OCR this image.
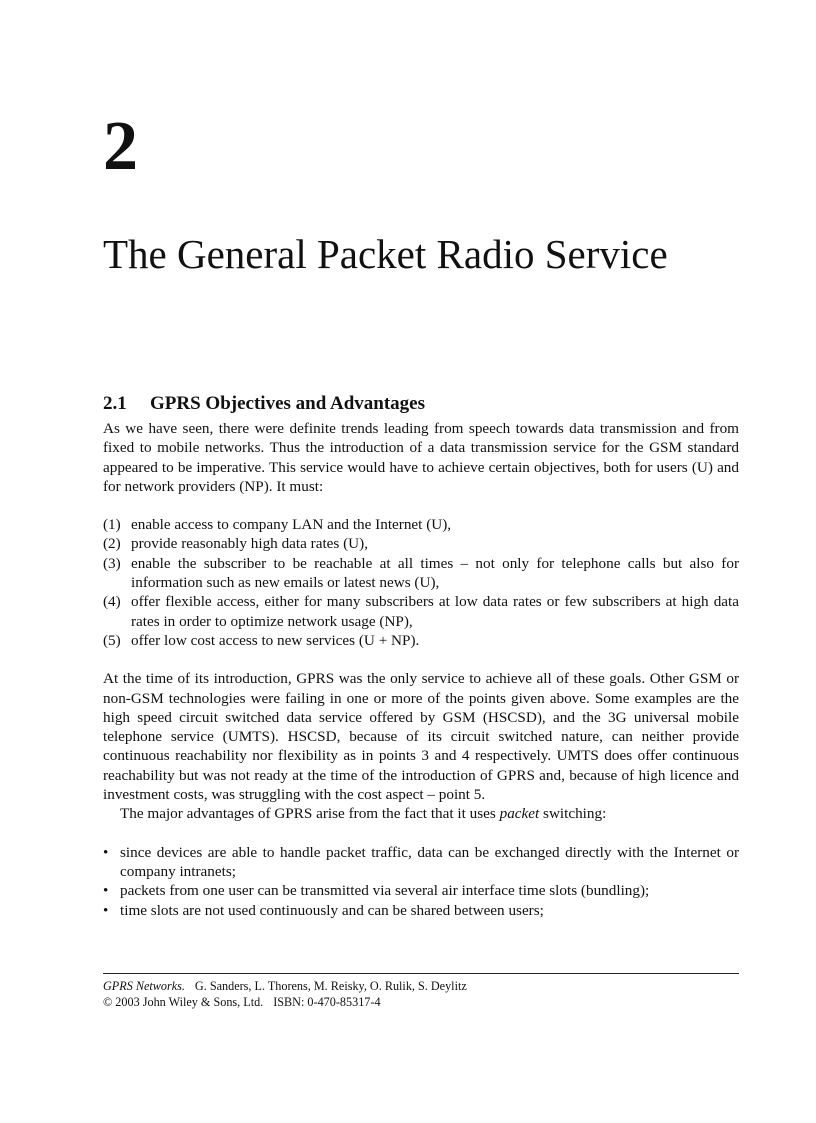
2
The General Packet Radio Service
2.1 GPRS Objectives and Advantages

As we have seen, there were definite trends leading from speech towards data transmission and from fixed to mobile networks. Thus the introduction of a data transmission service for the GSM standard appeared to be imperative. This service would have to achieve certain objectives, both for users (U) and for network providers (NP). It must:

(1) enable access to company LAN and the Internet (U),
(2) provide reasonably high data rates (U),
(3) enable the subscriber to be reachable at all times – not only for telephone calls but also for information such as new emails or latest news (U),
(4) offer flexible access, either for many subscribers at low data rates or few subscribers at high data rates in order to optimize network usage (NP),
(5) offer low cost access to new services (U + NP).

At the time of its introduction, GPRS was the only service to achieve all of these goals. Other GSM or non-GSM technologies were failing in one or more of the points given above. Some examples are the high speed circuit switched data service offered by GSM (HSCSD), and the 3G universal mobile telephone service (UMTS). HSCSD, because of its circuit switched nature, can neither provide continuous reachability nor flexibility as in points 3 and 4 respectively. UMTS does offer continuous reachability but was not ready at the time of the introduction of GPRS and, because of high licence and investment costs, was struggling with the cost aspect – point 5.

The major advantages of GPRS arise from the fact that it uses packet switching:

• since devices are able to handle packet traffic, data can be exchanged directly with the Internet or company intranets;
• packets from one user can be transmitted via several air interface time slots (bundling);
• time slots are not used continuously and can be shared between users;
GPRS Networks. G. Sanders, L. Thorens, M. Reisky, O. Rulik, S. Deylitz
© 2003 John Wiley & Sons, Ltd. ISBN: 0-470-85317-4
